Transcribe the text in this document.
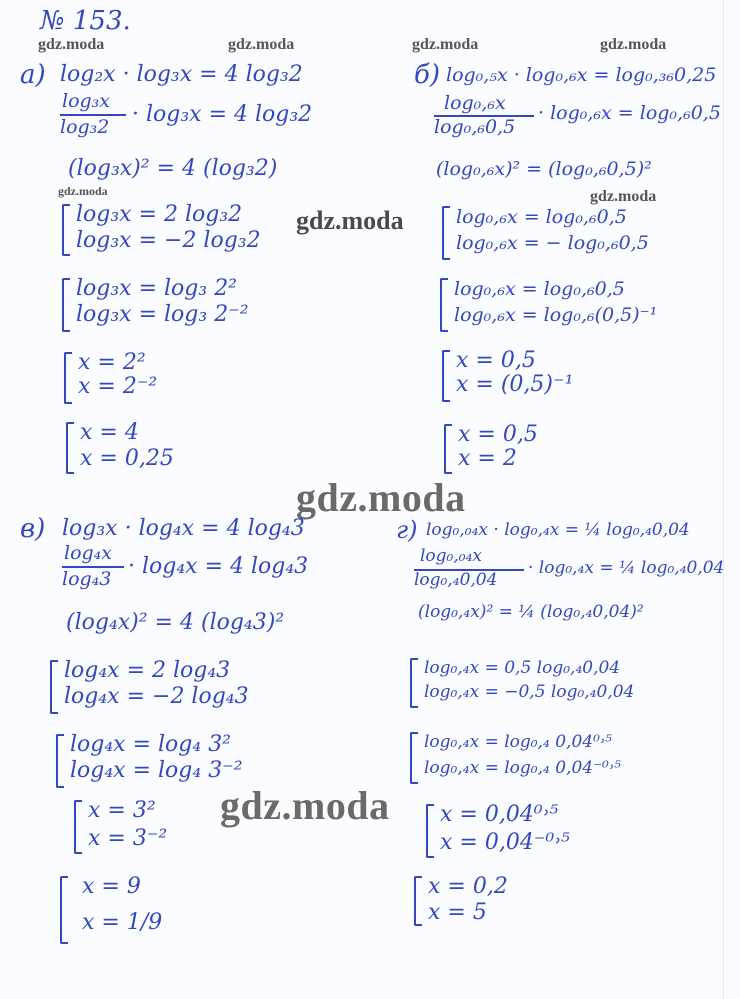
№ 153.
gdz.moda	gdz.moda	gdz.moda	gdz.moda
gdz.moda	gdz.moda
а) log₂x · log₃x = 4 log₃2
log₃x
log₃2 · log₃x = 4 log₃2
(log₃x)² = 4 (log₃2)
log₃x = 2 log₃2
log₃x = −2 log₃2
log₃x = log₃ 2²
log₃x = log₃ 2⁻²
x = 2²
x = 2⁻²
x = 4
x = 0,25
б) log₀,₅x · log₀,₆x = log₀,₃₆0,25
log₀,₆x
log₀,₆0,5
· log₀,₆x = log₀,₆0,5
(log₀,₆x)² = (log₀,₆0,5)²
log₀,₆x = log₀,₆0,5
log₀,₆x = − log₀,₆0,5
log₀,₆x = log₀,₆0,5
log₀,₆x = log₀,₆(0,5)⁻¹
x = 0,5
x = (0,5)⁻¹
x = 0,5
x = 2
gdz.moda
gdz.moda
gdz.moda
в) log₃x · log₄x = 4 log₄3
log₄x
log₄3 · log₄x = 4 log₄3
(log₄x)² = 4 (log₄3)²
log₄x = 2 log₄3
log₄x = −2 log₄3
log₄x = log₄ 3²
log₄x = log₄ 3⁻²
x = 3²
x = 3⁻²
x = 9
x = 1/9
г) log₀,₀₄x · log₀,₄x = ¼ log₀,₄0,04
log₀,₀₄x
log₀,₄0,04
· log₀,₄x = ¼ log₀,₄0,04
(log₀,₄x)² = ¼ (log₀,₄0,04)²
log₀,₄x = 0,5 log₀,₄0,04
log₀,₄x = −0,5 log₀,₄0,04
log₀,₄x = log₀,₄ 0,04⁰˒⁵
log₀,₄x = log₀,₄ 0,04⁻⁰˒⁵
x = 0,04⁰˒⁵
x = 0,04⁻⁰˒⁵
x = 0,2
x = 5
